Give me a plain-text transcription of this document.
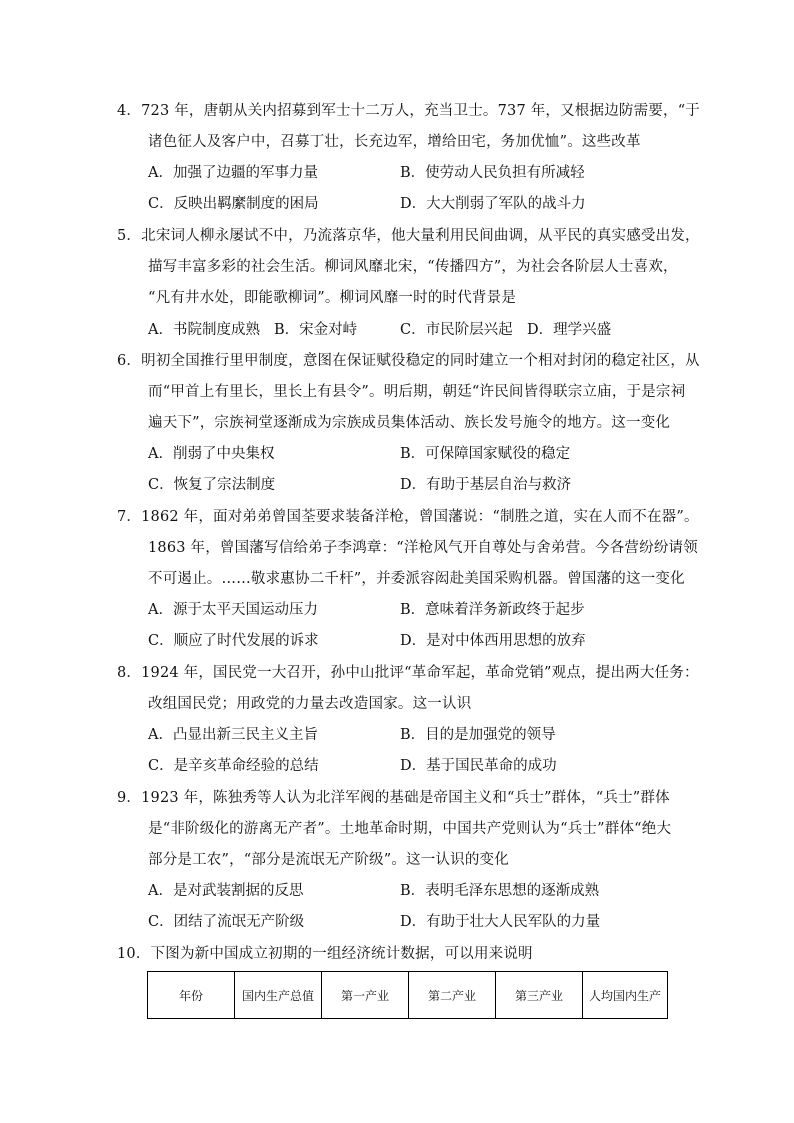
4．723 年，唐朝从关内招募到军士十二万人，充当卫士。737 年，又根据边防需要，“于
诸色征人及客户中，召募丁壮，长充边军，增给田宅，务加优恤”。这些改革
A．加强了边疆的军事力量	B．使劳动人民负担有所减轻
C．反映出羁縻制度的困局	D．大大削弱了军队的战斗力
5．北宋词人柳永屡试不中，乃流落京华，他大量利用民间曲调，从平民的真实感受出发，
描写丰富多彩的社会生活。柳词风靡北宋，“传播四方”，为社会各阶层人士喜欢，
“凡有井水处，即能歌柳词”。柳词风靡一时的时代背景是
A．书院制度成熟 B．宋金对峙	C．市民阶层兴起 D．理学兴盛
6．明初全国推行里甲制度，意图在保证赋役稳定的同时建立一个相对封闭的稳定社区，从
而“甲首上有里长，里长上有县令”。明后期，朝廷“许民间皆得联宗立庙，于是宗祠
遍天下”，宗族祠堂逐渐成为宗族成员集体活动、族长发号施令的地方。这一变化
A．削弱了中央集权	B．可保障国家赋役的稳定
C．恢复了宗法制度	D．有助于基层自治与救济
7．1862 年，面对弟弟曾国荃要求装备洋枪，曾国藩说：“制胜之道，实在人而不在器”。
1863 年，曾国藩写信给弟子李鸿章：“洋枪风气开自尊处与舍弟营。今各营纷纷请领
不可遏止。……敬求惠协二千杆”，并委派容闳赴美国采购机器。曾国藩的这一变化
A．源于太平天国运动压力	B．意味着洋务新政终于起步
C．顺应了时代发展的诉求	D．是对中体西用思想的放弃
8．1924 年，国民党一大召开，孙中山批评“革命军起，革命党销”观点，提出两大任务：
改组国民党；用政党的力量去改造国家。这一认识
A．凸显出新三民主义主旨	B．目的是加强党的领导
C．是辛亥革命经验的总结	D．基于国民革命的成功
9．1923 年，陈独秀等人认为北洋军阀的基础是帝国主义和“兵士”群体，“兵士”群体
是“非阶级化的游离无产者”。土地革命时期，中国共产党则认为“兵士”群体“绝大
部分是工农”，“部分是流氓无产阶级”。这一认识的变化
A．是对武装割据的反思	B．表明毛泽东思想的逐渐成熟
C．团结了流氓无产阶级	D．有助于壮大人民军队的力量
10．下图为新中国成立初期的一组经济统计数据，可以用来说明
年份	国内生产总值	第一产业	第二产业	第三产业	人均国内生产
